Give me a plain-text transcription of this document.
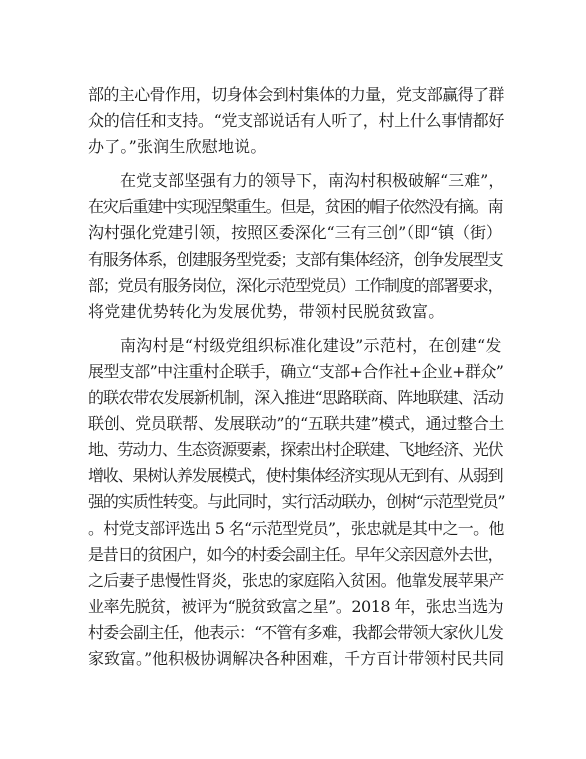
部的主心骨作用，切身体会到村集体的力量，党支部赢得了群
众的信任和支持。“党支部说话有人听了，村上什么事情都好
办了。”张润生欣慰地说。
在党支部坚强有力的领导下，南沟村积极破解“三难”，
在灾后重建中实现涅槃重生。但是，贫困的帽子依然没有摘。南
沟村强化党建引领，按照区委深化“三有三创”（即“镇（街）
有服务体系，创建服务型党委；支部有集体经济，创争发展型支
部；党员有服务岗位，深化示范型党员）工作制度的部署要求，
将党建优势转化为发展优势，带领村民脱贫致富。
南沟村是“村级党组织标准化建设”示范村，在创建“发
展型支部”中注重村企联手，确立“支部+合作社+企业+群众”
的联农带农发展新机制，深入推进“思路联商、阵地联建、活动
联创、党员联帮、发展联动”的“五联共建”模式，通过整合土
地、劳动力、生态资源要素，探索出村企联建、飞地经济、光伏
增收、果树认养发展模式，使村集体经济实现从无到有、从弱到
强的实质性转变。与此同时，实行活动联办，创树“示范型党员”
。村党支部评选出 5 名“示范型党员”，张忠就是其中之一。他
是昔日的贫困户，如今的村委会副主任。早年父亲因意外去世，
之后妻子患慢性肾炎，张忠的家庭陷入贫困。他靠发展苹果产
业率先脱贫，被评为“脱贫致富之星”。2018 年，张忠当选为
村委会副主任，他表示：“不管有多难，我都会带领大家伙儿发
家致富。”他积极协调解决各种困难，千方百计带领村民共同
